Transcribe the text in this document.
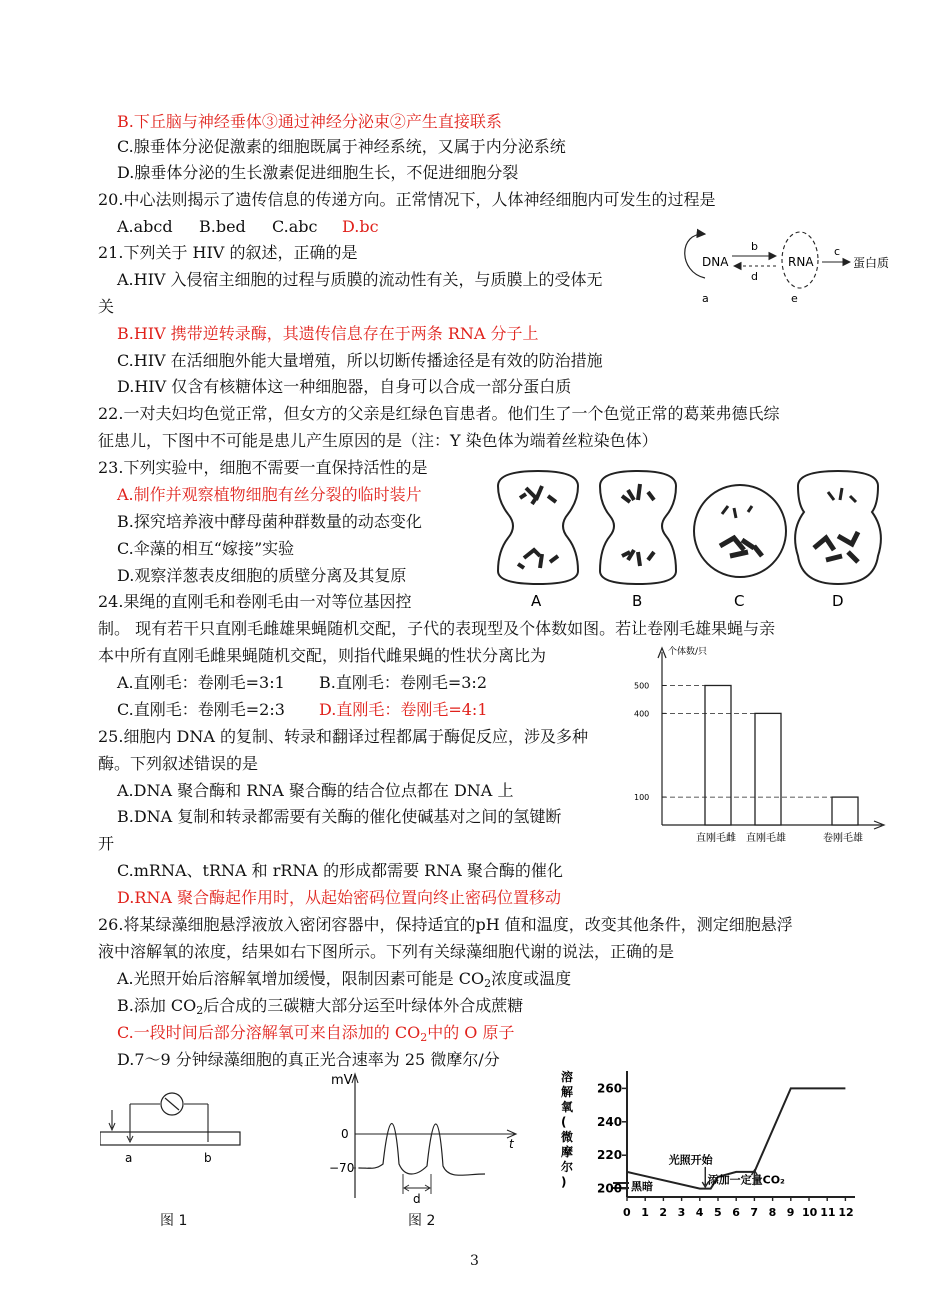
B.下丘脑与神经垂体③通过神经分泌束②产生直接联系
C.腺垂体分泌促激素的细胞既属于神经系统，又属于内分泌系统
D.腺垂体分泌的生长激素促进细胞生长，不促进细胞分裂
20.中心法则揭示了遗传信息的传递方向。正常情况下，人体神经细胞内可发生的过程是
A.abcd B.bed C.abc D.bc
21.下列关于 HIV 的叙述，正确的是
A.HIV 入侵宿主细胞的过程与质膜的流动性有关，与质膜上的受体无
关
B.HIV 携带逆转录酶，其遗传信息存在于两条 RNA 分子上
C.HIV 在活细胞外能大量增殖，所以切断传播途径是有效的防治措施
D.HIV 仅含有核糖体这一种细胞器，自身可以合成一部分蛋白质
22.一对夫妇均色觉正常，但女方的父亲是红绿色盲患者。他们生了一个色觉正常的葛莱弗德氏综
征患儿，下图中不可能是患儿产生原因的是（注：Y 染色体为端着丝粒染色体）
23.下列实验中，细胞不需要一直保持活性的是
A.制作并观察植物细胞有丝分裂的临时装片
B.探究培养液中酵母菌种群数量的动态变化
C.伞藻的相互“嫁接”实验
D.观察洋葱表皮细胞的质壁分离及其复原
24.果绳的直刚毛和卷刚毛由一对等位基因控
制。 现有若干只直刚毛雌雄果蝇随机交配，子代的表现型及个体数如图。若让卷刚毛雄果蝇与亲
本中所有直刚毛雌果蝇随机交配，则指代雌果蝇的性状分离比为
A.直刚毛：卷刚毛=3:1 B.直刚毛：卷刚毛=3:2
C.直刚毛：卷刚毛=2:3 D.直刚毛：卷刚毛=4:1
25.细胞内 DNA 的复制、转录和翻译过程都属于酶促反应，涉及多种
酶。下列叙述错误的是
A.DNA 聚合酶和 RNA 聚合酶的结合位点都在 DNA 上
B.DNA 复制和转录都需要有关酶的催化使碱基对之间的氢键断
开
C.mRNA、tRNA 和 rRNA 的形成都需要 RNA 聚合酶的催化
D.RNA 聚合酶起作用时，从起始密码位置向终止密码位置移动
26.将某绿藻细胞悬浮液放入密闭容器中，保持适宜的pH 值和温度，改变其他条件，测定细胞悬浮
液中溶解氧的浓度，结果如右下图所示。下列有关绿藻细胞代谢的说法，正确的是
A.光照开始后溶解氧增加缓慢，限制因素可能是 $CO_2$浓度或温度
B.添加 $CO_2$后合成的三碳糖大部分运至叶绿体外合成蔗糖
C.一段时间后部分溶解氧可来自添加的 $CO_2$中的 O 原子
D.7～9 分钟绿藻细胞的真正光合速率为 25 微摩尔/分
3
DNA	RNA	蛋白质
b
d
c
a	e
A	B	C	D
个体数/只
100
400
500
直刚毛雌 直刚毛雄	卷刚毛雄
a	b
图 1
mV
0
−70
t
d
图 2
200
220
240
260
0 1 2 3 4 5 6 7 8 9 10 11 12
溶
解
氧
(
微
摩
尔
)	黑暗
光照开始
添加一定量CO₂
